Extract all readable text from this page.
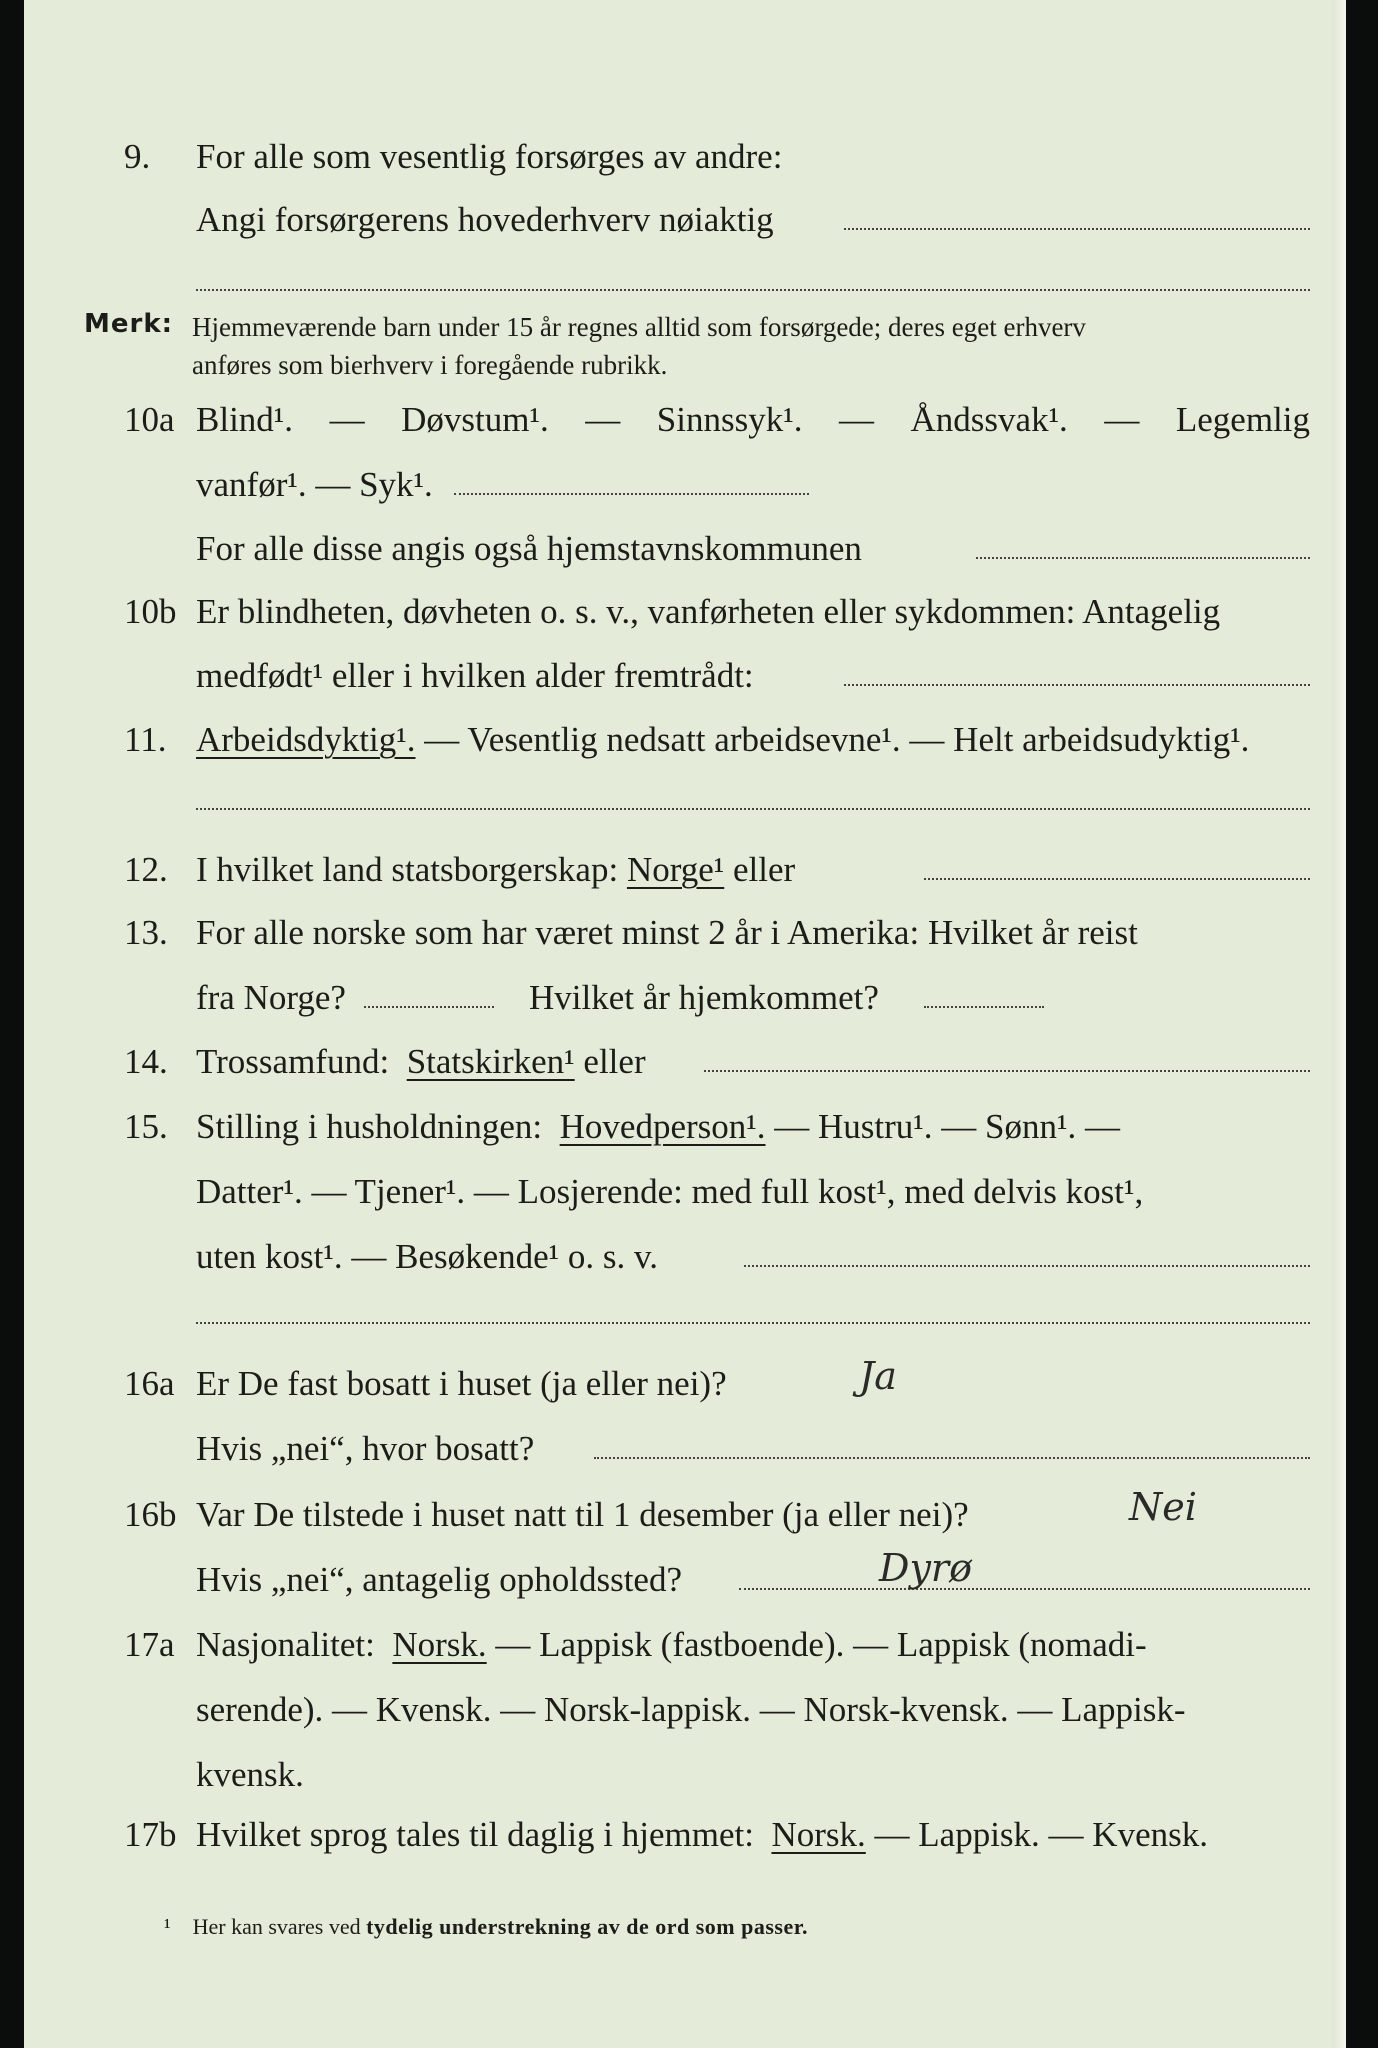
9.	For alle som vesentlig forsørges av andre:
Angi forsørgerens hovederhverv nøiaktig
Merk: Hjemmeværende barn under 15 år regnes alltid som forsørgede; deres eget erhverv
anføres som bierhverv i foregående rubrikk.
10a Blind¹. — Døvstum¹. — Sinnssyk¹. — Åndssvak¹. — Legemlig
vanfør¹. — Syk¹.
For alle disse angis også hjemstavnskommunen
10b Er blindheten, døvheten o. s. v., vanførheten eller sykdommen: Antagelig
medfødt¹ eller i hvilken alder fremtrådt:
11. Arbeidsdyktig¹. — Vesentlig nedsatt arbeidsevne¹. — Helt arbeidsudyktig¹.
12. I hvilket land statsborgerskap: Norge¹ eller
13. For alle norske som har været minst 2 år i Amerika: Hvilket år reist
fra Norge?	Hvilket år hjemkommet?
14. Trossamfund: Statskirken¹ eller
15. Stilling i husholdningen: Hovedperson¹. — Hustru¹. — Sønn¹. —
Datter¹. — Tjener¹. — Losjerende: med full kost¹, med delvis kost¹,
uten kost¹. — Besøkende¹ o. s. v.
16a Er De fast bosatt i huset (ja eller nei)?	Ja
Hvis „nei“, hvor bosatt?
16b Var De tilstede i huset natt til 1 desember (ja eller nei)?	Nei
Hvis „nei“, antagelig opholdssted?	Dyrø
17a Nasjonalitet: Norsk. — Lappisk (fastboende). — Lappisk (nomadi-
serende). — Kvensk. — Norsk-lappisk. — Norsk-kvensk. — Lappisk-
kvensk.
17b Hvilket sprog tales til daglig i hjemmet: Norsk. — Lappisk. — Kvensk.
¹ Her kan svares ved tydelig understrekning av de ord som passer.
